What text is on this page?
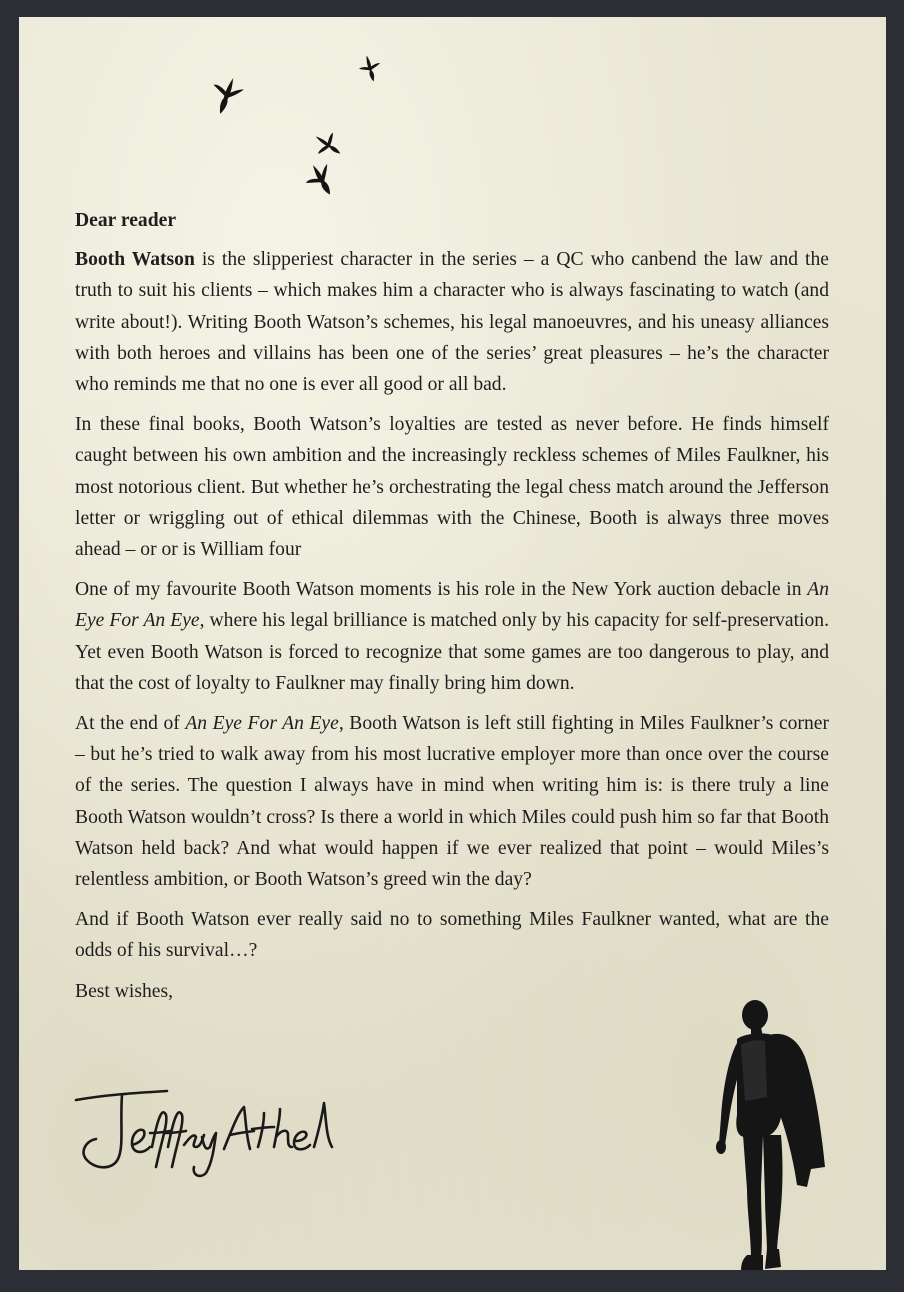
Dear reader

Booth Watson is the slipperiest character in the series – a QC who canbend the law and the truth to suit his clients – which makes him a character who is always fascinating to watch (and write about!). Writing Booth Watson’s schemes, his legal manoeuvres, and his uneasy alliances with both heroes and villains has been one of the series’ great pleasures – he’s the character who reminds me that no one is ever all good or all bad.

In these final books, Booth Watson’s loyalties are tested as never before. He finds himself caught between his own ambition and the increasingly reckless schemes of Miles Faulkner, his most notorious client. But whether he’s orchestrating the legal chess match around the Jefferson letter or wriggling out of ethical dilemmas with the Chinese, Booth is always three moves ahead – or or is William four

One of my favourite Booth Watson moments is his role in the New York auction debacle in An Eye For An Eye, where his legal brilliance is matched only by his capacity for self-preservation. Yet even Booth Watson is forced to recognize that some games are too dangerous to play, and that the cost of loyalty to Faulkner may finally bring him down.

At the end of An Eye For An Eye, Booth Watson is left still fighting in Miles Faulkner’s corner – but he’s tried to walk away from his most lucrative employer more than once over the course of the series. The question I always have in mind when writing him is: is there truly a line Booth Watson wouldn’t cross? Is there a world in which Miles could push him so far that Booth Watson held back? And what would happen if we ever realized that point – would Miles’s relentless ambition, or Booth Watson’s greed win the day?

And if Booth Watson ever really said no to something Miles Faulkner wanted, what are the odds of his survival…?

Best wishes,
